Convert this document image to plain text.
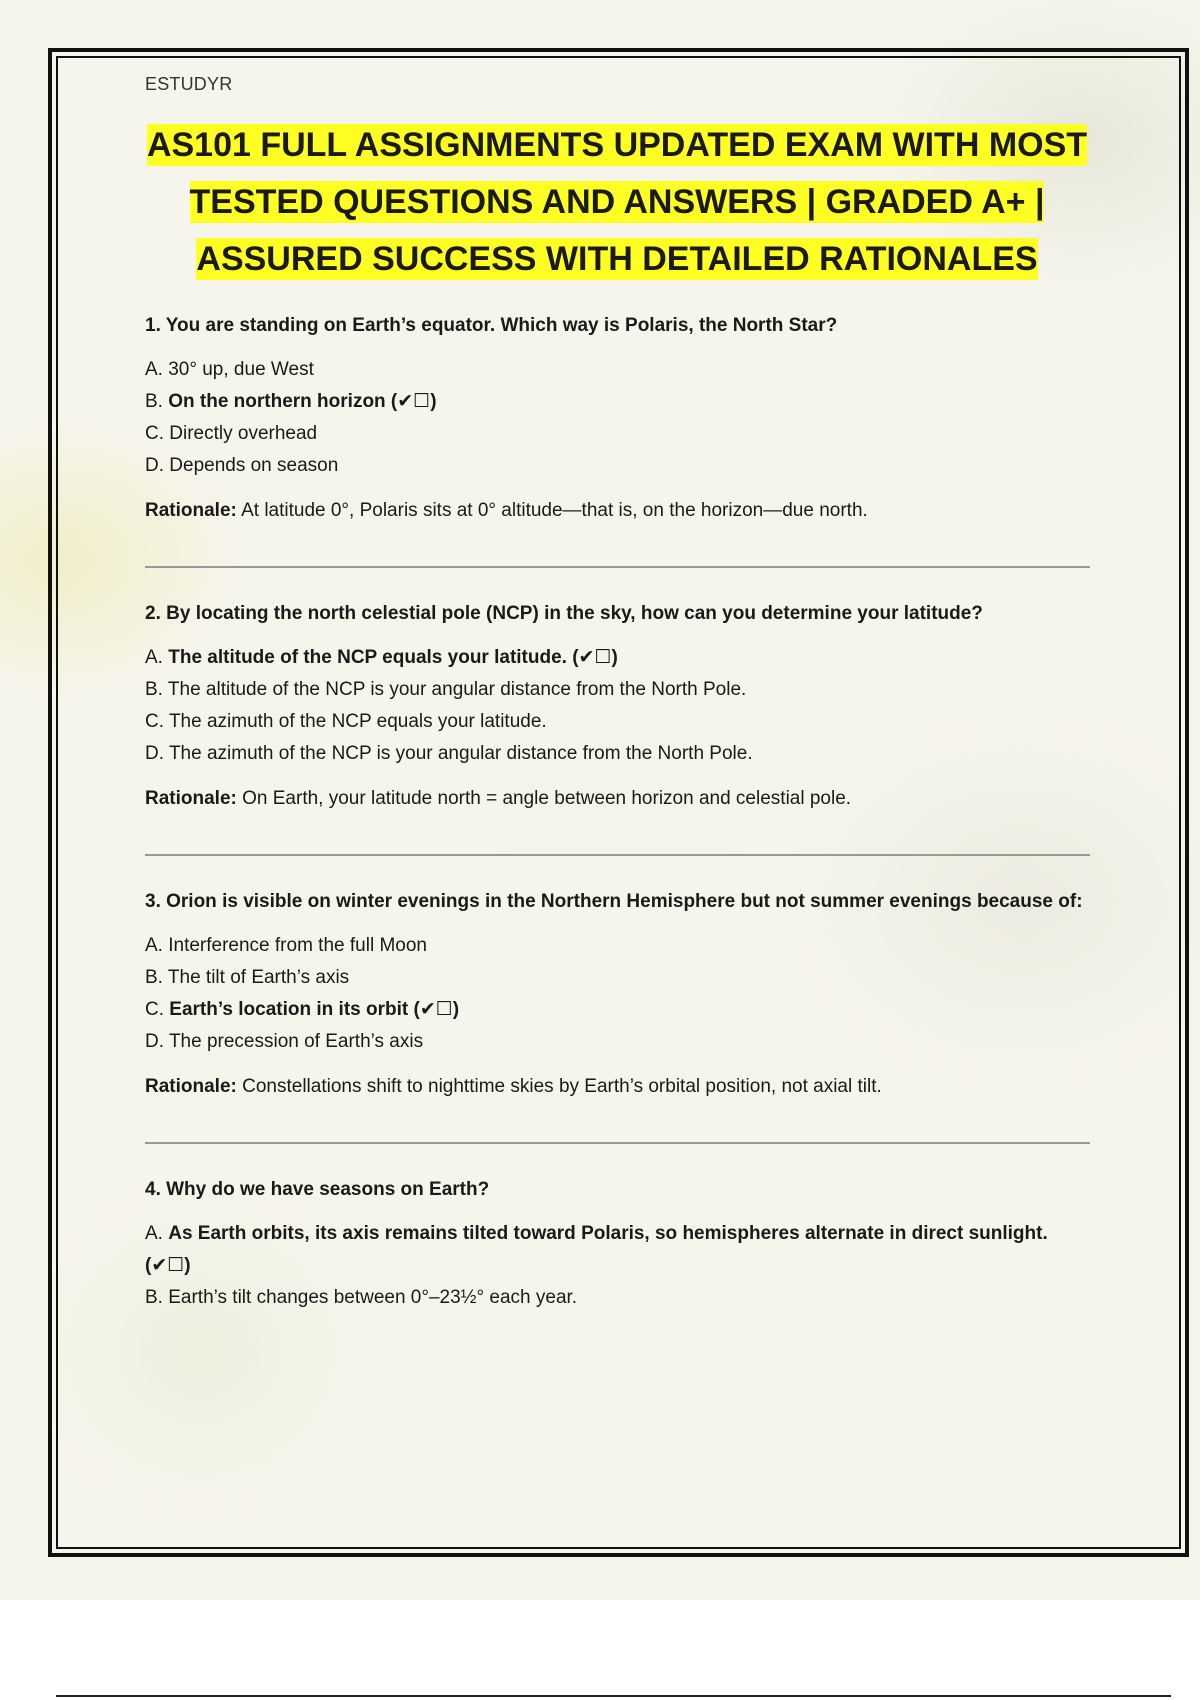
ESTUDYR
AS101 FULL ASSIGNMENTS UPDATED EXAM WITH MOST
TESTED QUESTIONS AND ANSWERS | GRADED A+ |
ASSURED SUCCESS WITH DETAILED RATIONALES
1. You are standing on Earth’s equator. Which way is Polaris, the North Star?
A. 30° up, due West
B. On the northern horizon (✔☐)
C. Directly overhead
D. Depends on season
Rationale: At latitude 0°, Polaris sits at 0° altitude—that is, on the horizon—due north.
2. By locating the north celestial pole (NCP) in the sky, how can you determine your latitude?
A. The altitude of the NCP equals your latitude. (✔☐)
B. The altitude of the NCP is your angular distance from the North Pole.
C. The azimuth of the NCP equals your latitude.
D. The azimuth of the NCP is your angular distance from the North Pole.
Rationale: On Earth, your latitude north = angle between horizon and celestial pole.
3. Orion is visible on winter evenings in the Northern Hemisphere but not summer evenings because of:
A. Interference from the full Moon
B. The tilt of Earth’s axis
C. Earth’s location in its orbit (✔☐)
D. The precession of Earth’s axis
Rationale: Constellations shift to nighttime skies by Earth’s orbital position, not axial tilt.
4. Why do we have seasons on Earth?
A. As Earth orbits, its axis remains tilted toward Polaris, so hemispheres alternate in direct sunlight. (✔☐)
B. Earth’s tilt changes between 0°–23½° each year.
